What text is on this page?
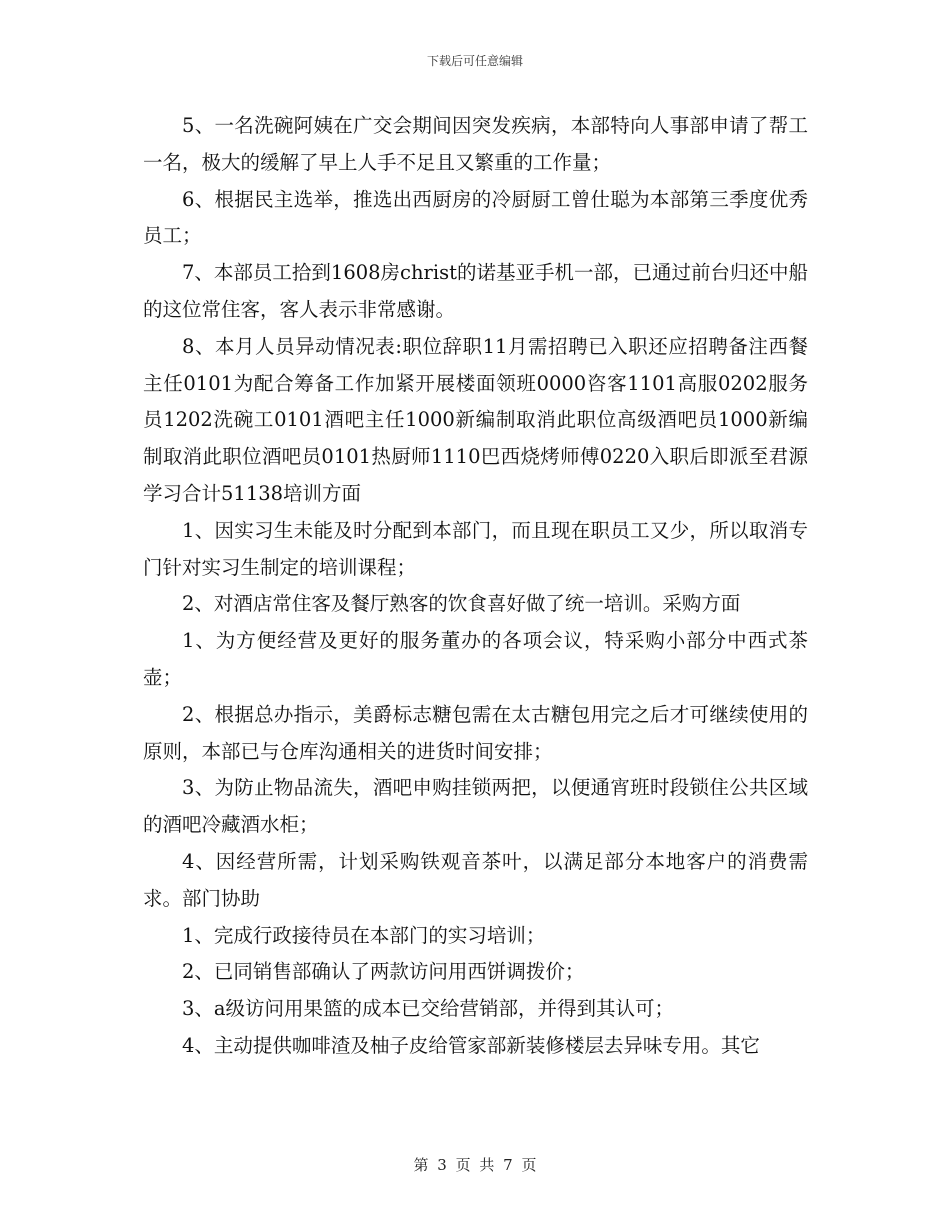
下载后可任意编辑

5、一名洗碗阿姨在广交会期间因突发疾病，本部特向人事部申请了帮工一名，极大的缓解了早上人手不足且又繁重的工作量；

6、根据民主选举，推选出西厨房的冷厨厨工曾仕聪为本部第三季度优秀员工；

7、本部员工拾到1608房christ的诺基亚手机一部，已通过前台归还中船的这位常住客，客人表示非常感谢。

8、本月人员异动情况表:职位辞职11月需招聘已入职还应招聘备注西餐主任0101为配合筹备工作加紧开展楼面领班0000咨客1101高服0202服务员1202洗碗工0101酒吧主任1000新编制取消此职位高级酒吧员1000新编制取消此职位酒吧员0101热厨师1110巴西烧烤师傅0220入职后即派至君源学习合计51138培训方面

1、因实习生未能及时分配到本部门，而且现在职员工又少，所以取消专门针对实习生制定的培训课程；

2、对酒店常住客及餐厅熟客的饮食喜好做了统一培训。采购方面

1、为方便经营及更好的服务董办的各项会议，特采购小部分中西式茶壶；

2、根据总办指示，美爵标志糖包需在太古糖包用完之后才可继续使用的原则，本部已与仓库沟通相关的进货时间安排；

3、为防止物品流失，酒吧申购挂锁两把，以便通宵班时段锁住公共区域的酒吧冷藏酒水柜；

4、因经营所需，计划采购铁观音茶叶，以满足部分本地客户的消费需求。部门协助

1、完成行政接待员在本部门的实习培训；

2、已同销售部确认了两款访问用西饼调拨价；

3、a级访问用果篮的成本已交给营销部，并得到其认可；

4、主动提供咖啡渣及柚子皮给管家部新装修楼层去异味专用。其它

第 3 页 共 7 页
